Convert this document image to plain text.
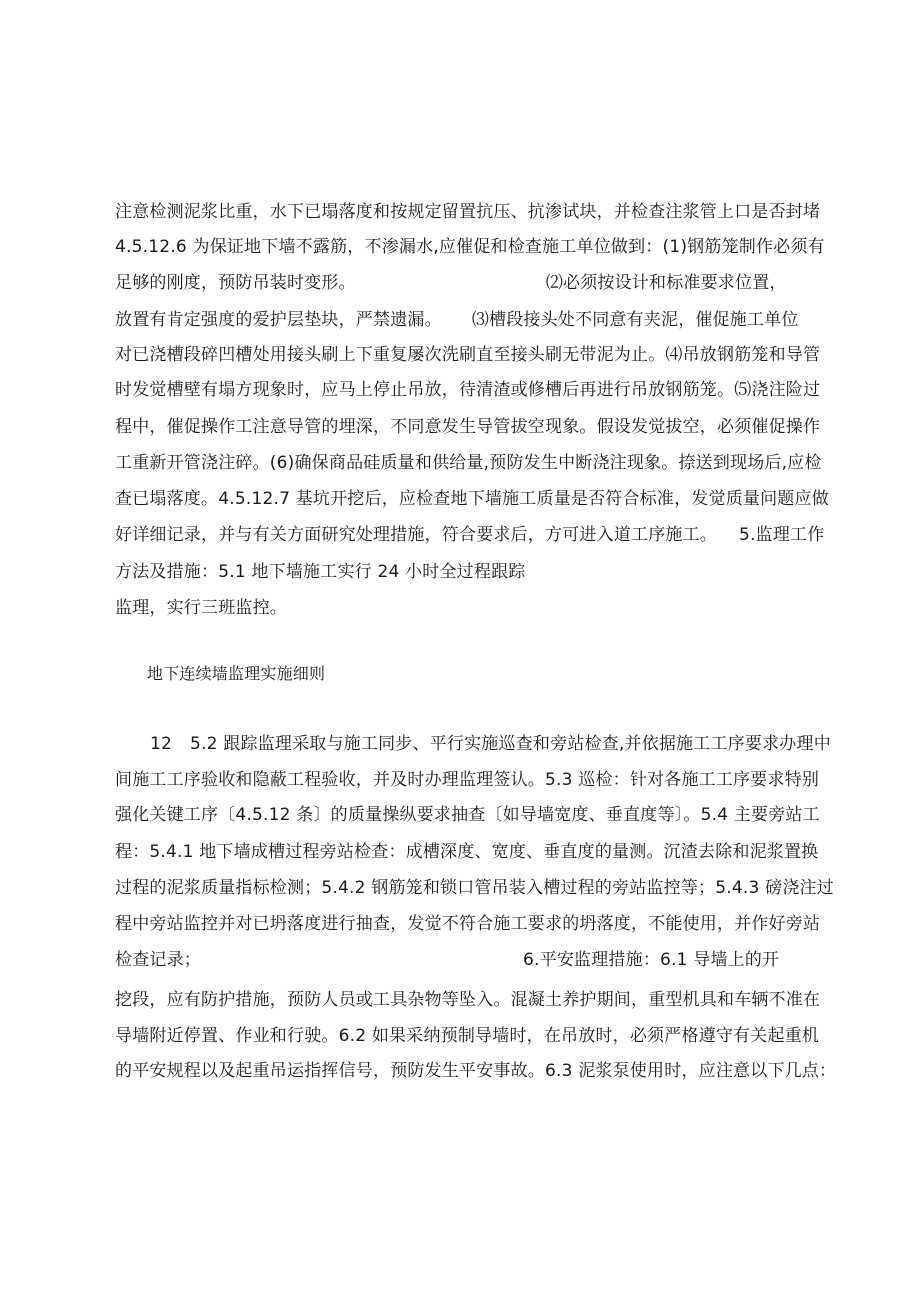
注意检测泥浆比重，水下已塌落度和按规定留置抗压、抗渗试块，并检查注浆管上口是否封堵
4.5.12.6 为保证地下墙不露筋，不渗漏水,应催促和检查施工单位做到：(1)钢筋笼制作必须有
足够的刚度，预防吊装时变形。	⑵必须按设计和标准要求位置，
放置有肯定强度的爱护层垫块，严禁遗漏。 ⑶槽段接头处不同意有夹泥，催促施工单位
对已浇槽段碎凹槽处用接头刷上下重复屡次洗刷直至接头刷无带泥为止。⑷吊放钢筋笼和导管
时发觉槽壁有塌方现象时，应马上停止吊放，待清渣或修槽后再进行吊放钢筋笼。⑸浇注险过
程中，催促操作工注意导管的埋深，不同意发生导管拔空现象。假设发觉拔空，必须催促操作
工重新开管浇注碎。(6)确保商品硅质量和供给量,预防发生中断浇注现象。捺送到现场后,应检
查已塌落度。4.5.12.7 基坑开挖后，应检查地下墙施工质量是否符合标准，发觉质量问题应做
好详细记录，并与有关方面研究处理措施，符合要求后，方可进入道工序施工。 5.监理工作
方法及措施：5.1 地下墙施工实行 24 小时全过程跟踪
监理，实行三班监控。
地下连续墙监理实施细则
12 5.2 跟踪监理采取与施工同步、平行实施巡查和旁站检查,并依据施工工序要求办理中
间施工工序验收和隐蔽工程验收，并及时办理监理签认。5.3 巡检：针对各施工工序要求特别
强化关键工序〔4.5.12 条〕的质量操纵要求抽查〔如导墙宽度、垂直度等〕。5.4 主要旁站工
程：5.4.1 地下墙成槽过程旁站检查：成槽深度、宽度、垂直度的量测。沉渣去除和泥浆置换
过程的泥浆质量指标检测；5.4.2 钢筋笼和锁口管吊装入槽过程的旁站监控等；5.4.3 磅浇注过
程中旁站监控并对已坍落度进行抽查，发觉不符合施工要求的坍落度，不能使用，并作好旁站
检查记录；	6.平安监理措施：6.1 导墙上的开
挖段，应有防护措施，预防人员或工具杂物等坠入。混凝土养护期间，重型机具和车辆不准在
导墙附近停置、作业和行驶。6.2 如果采纳预制导墙时，在吊放时，必须严格遵守有关起重机
的平安规程以及起重吊运指挥信号，预防发生平安事故。6.3 泥浆泵使用时，应注意以下几点：
